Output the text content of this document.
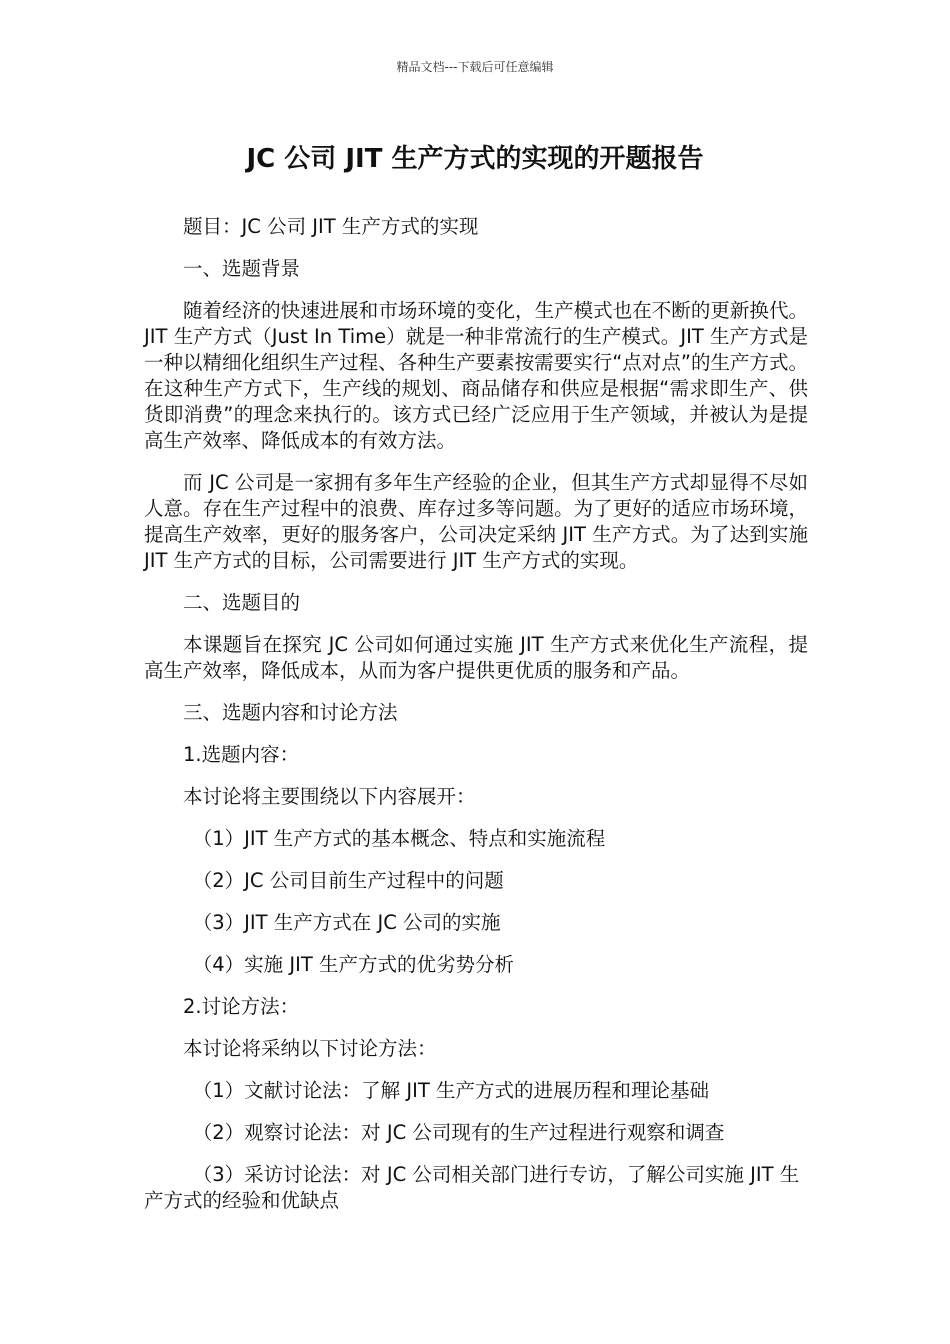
精品文档---下载后可任意编辑
JC 公司 JIT 生产方式的实现的开题报告

题目：JC 公司 JIT 生产方式的实现

一、选题背景

随着经济的快速进展和市场环境的变化，生产模式也在不断的更新换代。JIT 生产方式（Just In Time）就是一种非常流行的生产模式。JIT 生产方式是一种以精细化组织生产过程、各种生产要素按需要实行“点对点”的生产方式。在这种生产方式下，生产线的规划、商品储存和供应是根据“需求即生产、供货即消费”的理念来执行的。该方式已经广泛应用于生产领域，并被认为是提高生产效率、降低成本的有效方法。

而 JC 公司是一家拥有多年生产经验的企业，但其生产方式却显得不尽如人意。存在生产过程中的浪费、库存过多等问题。为了更好的适应市场环境，提高生产效率，更好的服务客户，公司决定采纳 JIT 生产方式。为了达到实施 JIT 生产方式的目标，公司需要进行 JIT 生产方式的实现。

二、选题目的

本课题旨在探究 JC 公司如何通过实施 JIT 生产方式来优化生产流程，提高生产效率，降低成本，从而为客户提供更优质的服务和产品。

三、选题内容和讨论方法

1.选题内容：

本讨论将主要围绕以下内容展开：

（1）JIT 生产方式的基本概念、特点和实施流程

（2）JC 公司目前生产过程中的问题

（3）JIT 生产方式在 JC 公司的实施

（4）实施 JIT 生产方式的优劣势分析

2.讨论方法：

本讨论将采纳以下讨论方法：

（1）文献讨论法：了解 JIT 生产方式的进展历程和理论基础

（2）观察讨论法：对 JC 公司现有的生产过程进行观察和调查

（3）采访讨论法：对 JC 公司相关部门进行专访，了解公司实施 JIT 生产方式的经验和优缺点
